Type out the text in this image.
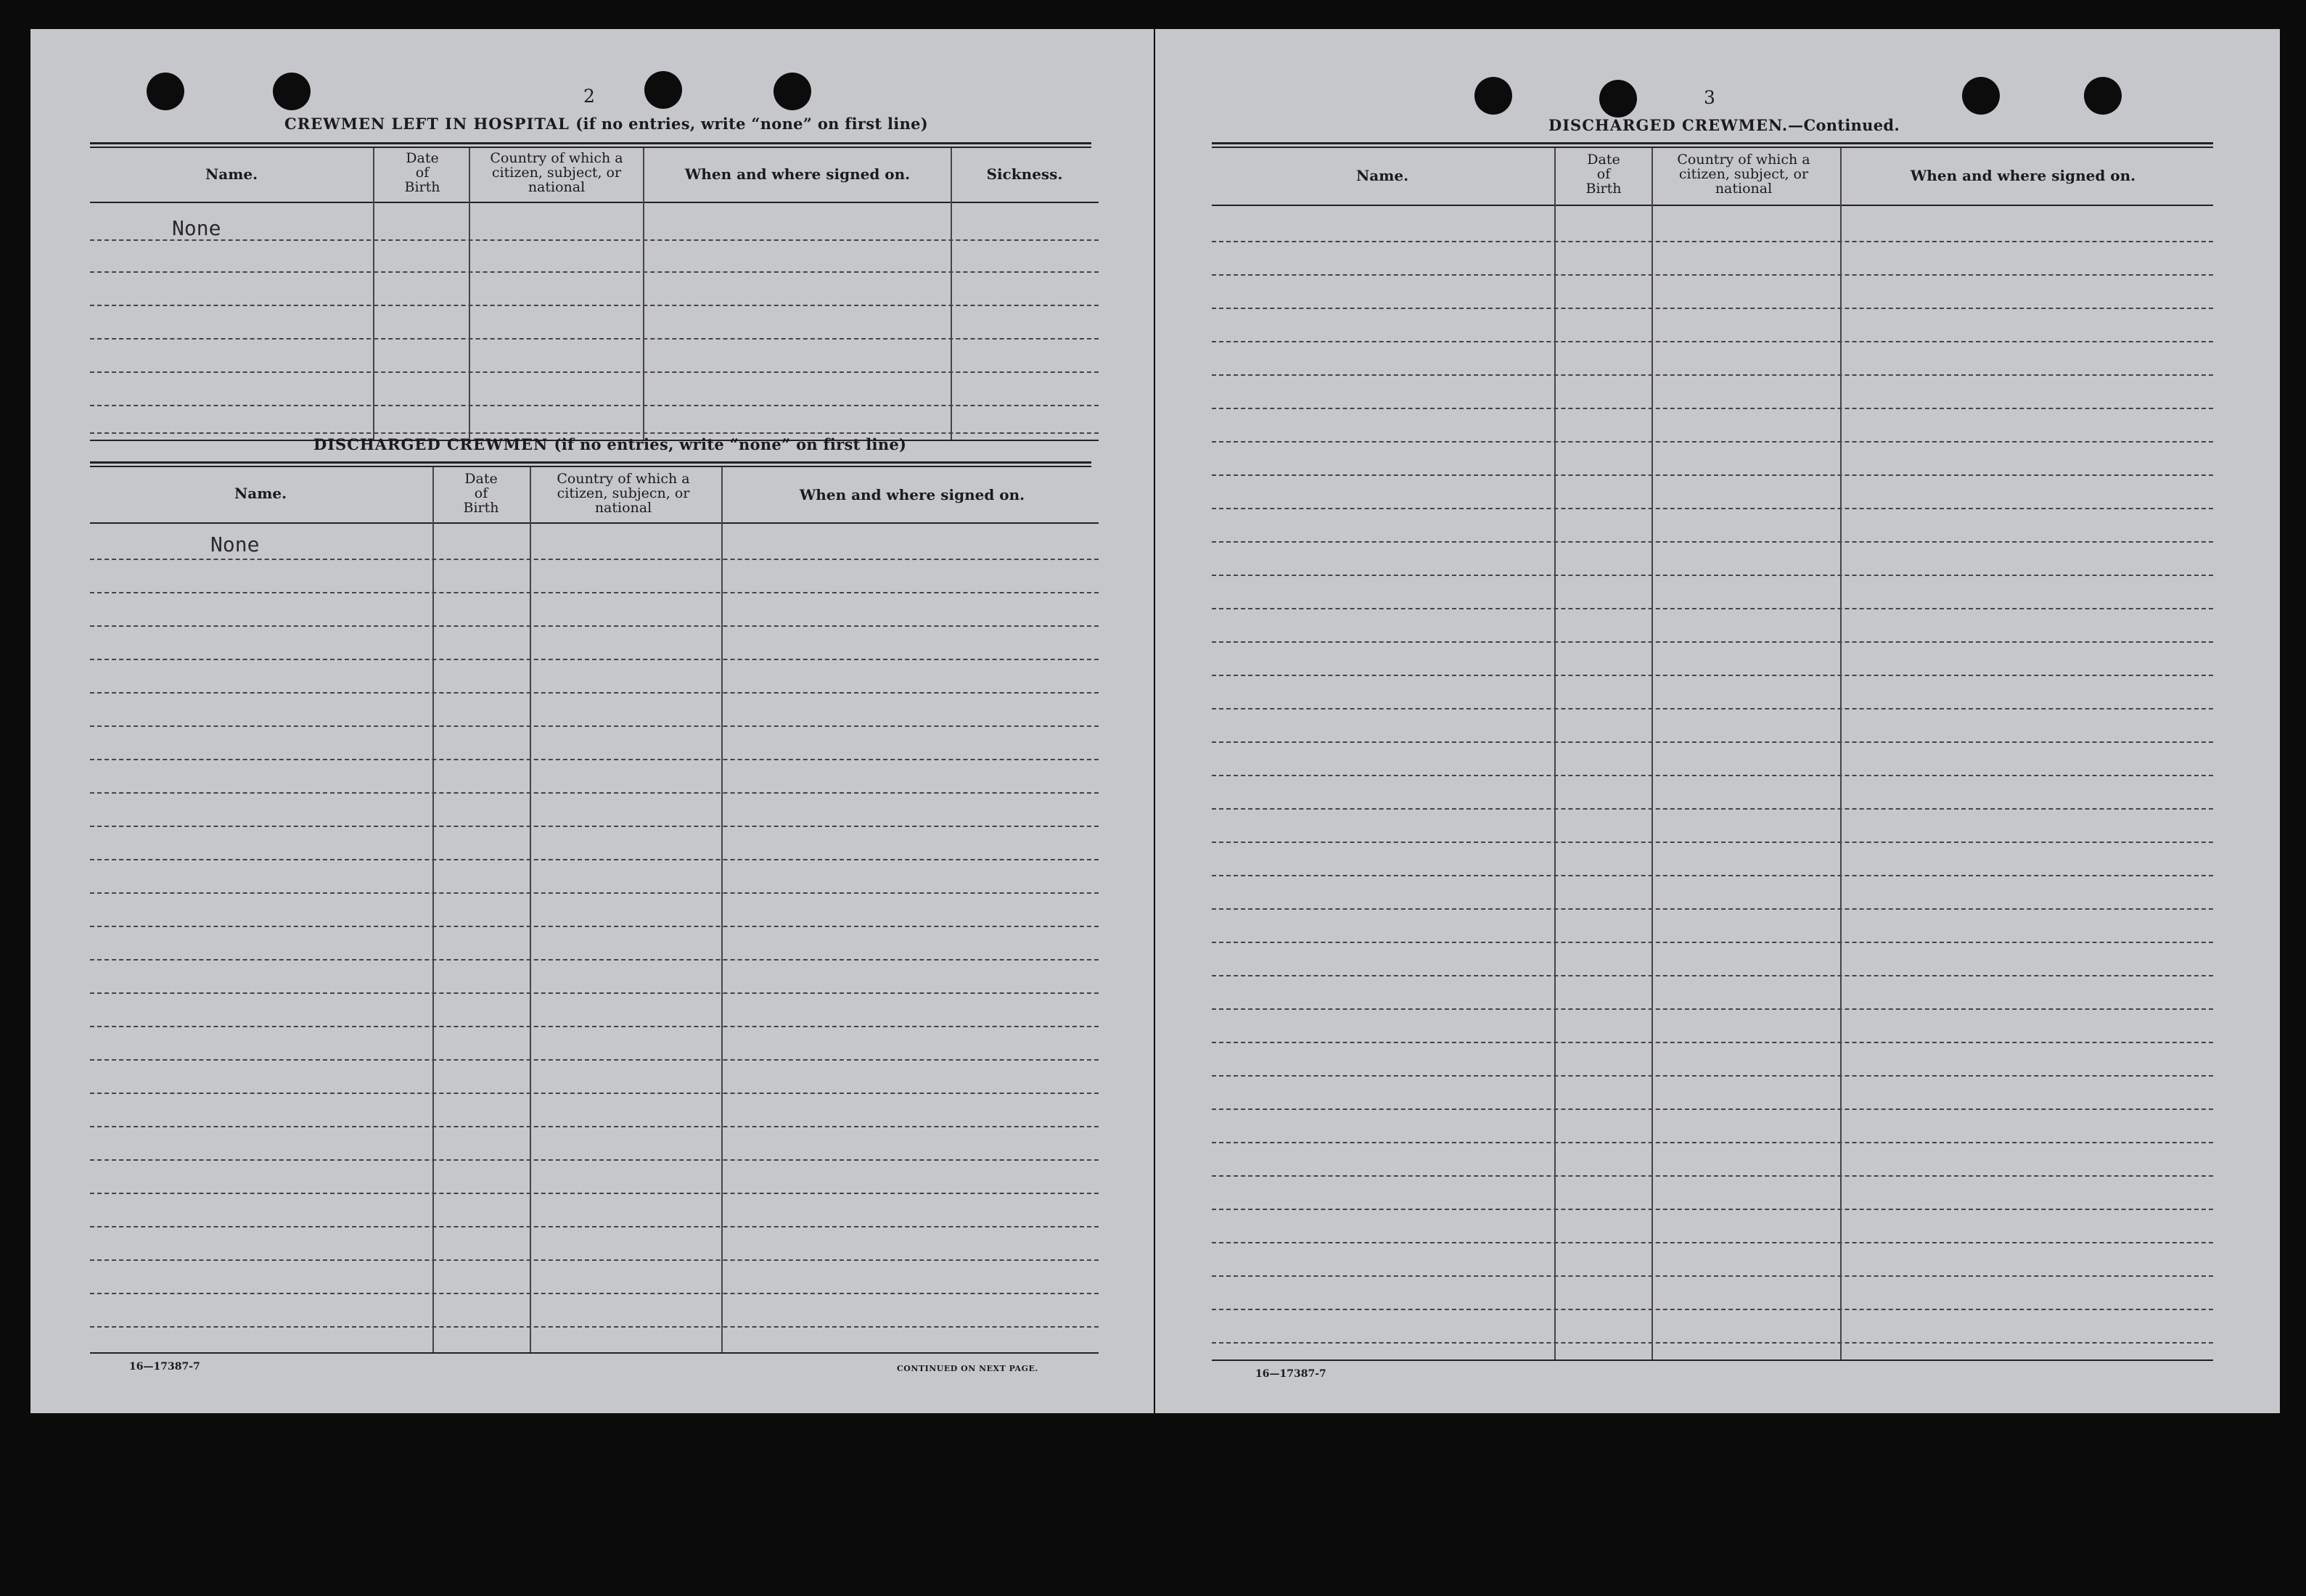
2
CREWMEN LEFT IN HOSPITAL (if no entries, write “none” on first line)
Name.
Date
of
Birth
Country of which a
citizen, subject, or
national
When and where signed on.	Sickness.
None
DISCHARGED CREWMEN (if no entries, write “none” on first line)
Name.
Date
of
Birth
Country of which a
citizen, subjecn, or
national
When and where signed on.
None
16—17387-7	CONTINUED ON NEXT PAGE.
3
DISCHARGED CREWMEN.—Continued.
Name.
Date
of
Birth
Country of which a
citizen, subject, or
national
When and where signed on.
16—17387-7
